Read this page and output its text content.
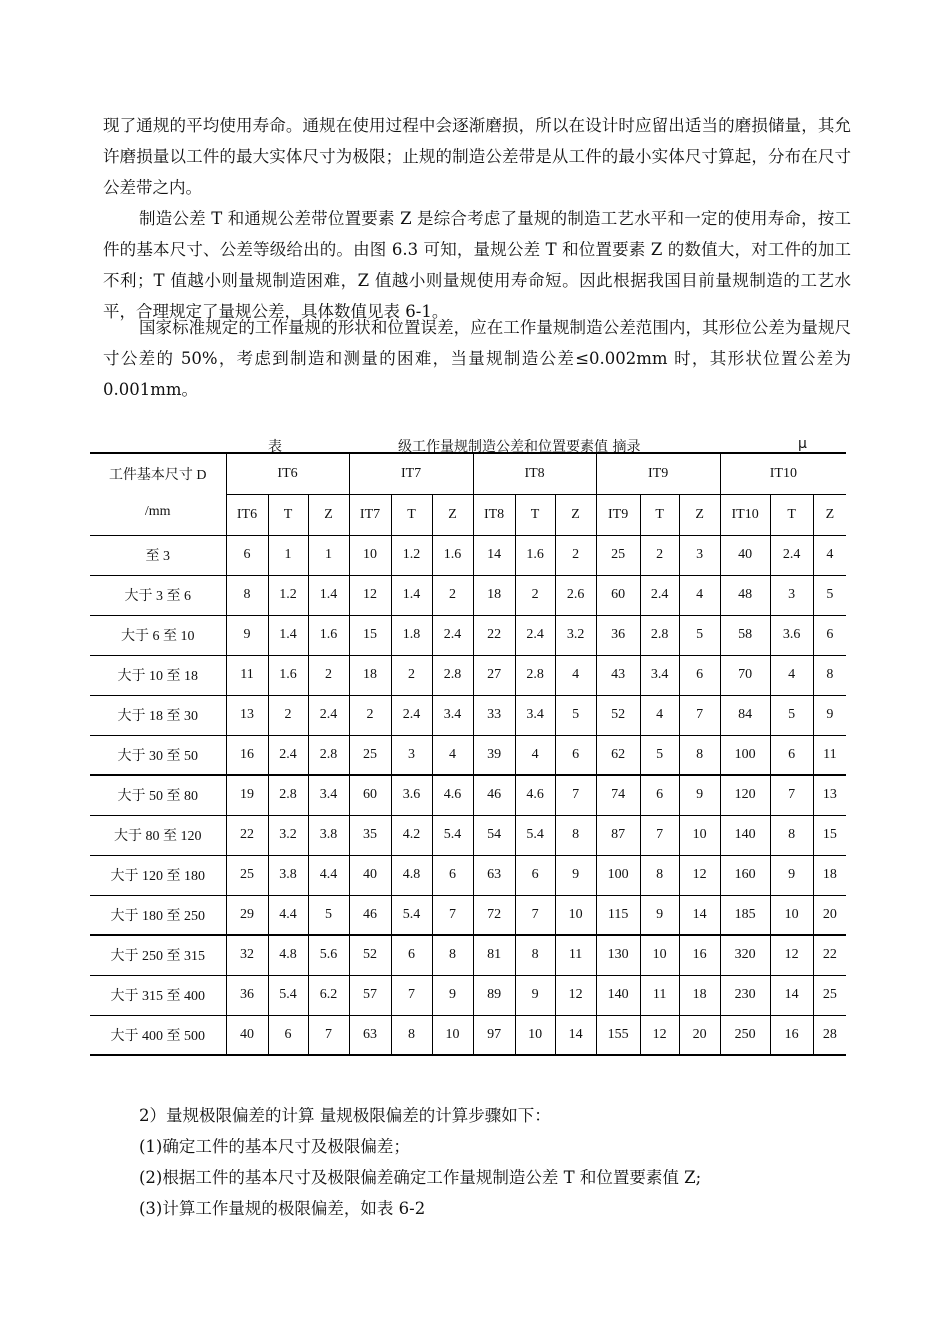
现了通规的平均使用寿命。通规在使用过程中会逐渐磨损，所以在设计时应留出适当的磨损储量，其允许磨损量以工件的最大实体尺寸为极限；止规的制造公差带是从工件的最小实体尺寸算起，分布在尺寸公差带之内。

制造公差 T 和通规公差带位置要素 Z 是综合考虑了量规的制造工艺水平和一定的使用寿命，按工件的基本尺寸、公差等级给出的。由图 6.3 可知，量规公差 T 和位置要素 Z 的数值大，对工件的加工不利；T 值越小则量规制造困难，Z 值越小则量规使用寿命短。因此根据我国目前量规制造的工艺水平，合理规定了量规公差，具体数值见表 6-1。

国家标准规定的工作量规的形状和位置误差，应在工作量规制造公差范围内，其形位公差为量规尺寸公差的 50%，考虑到制造和测量的困难，当量规制造公差≤0.002mm 时，其形状位置公差为 0.001mm。

表	级工作量规制造公差和位置要素值 摘录	μ
工件基本尺寸 D
/mm	IT6			IT7			IT8			IT9			IT10		
	IT6	T	Z	IT7	T	Z	IT8	T	Z	IT9	T	Z	IT10	T	Z
至 3	6	1	1	10	1.2	1.6	14	1.6	2	25	2	3	40	2.4	4
大于 3 至 6	8	1.2	1.4	12	1.4	2	18	2	2.6	60	2.4	4	48	3	5
大于 6 至 10	9	1.4	1.6	15	1.8	2.4	22	2.4	3.2	36	2.8	5	58	3.6	6
大于 10 至 18	11	1.6	2	18	2	2.8	27	2.8	4	43	3.4	6	70	4	8
大于 18 至 30	13	2	2.4	2	2.4	3.4	33	3.4	5	52	4	7	84	5	9
大于 30 至 50	16	2.4	2.8	25	3	4	39	4	6	62	5	8	100	6	11
大于 50 至 80	19	2.8	3.4	60	3.6	4.6	46	4.6	7	74	6	9	120	7	13
大于 80 至 120	22	3.2	3.8	35	4.2	5.4	54	5.4	8	87	7	10	140	8	15
大于 120 至 180	25	3.8	4.4	40	4.8	6	63	6	9	100	8	12	160	9	18
大于 180 至 250	29	4.4	5	46	5.4	7	72	7	10	115	9	14	185	10	20
大于 250 至 315	32	4.8	5.6	52	6	8	81	8	11	130	10	16	320	12	22
大于 315 至 400	36	5.4	6.2	57	7	9	89	9	12	140	11	18	230	14	25
大于 400 至 500	40	6	7	63	8	10	97	10	14	155	12	20	250	16	28

2）量规极限偏差的计算 量规极限偏差的计算步骤如下：

(1)确定工件的基本尺寸及极限偏差；

(2)根据工件的基本尺寸及极限偏差确定工作量规制造公差 T 和位置要素值 Z;

(3)计算工作量规的极限偏差，如表 6-2
